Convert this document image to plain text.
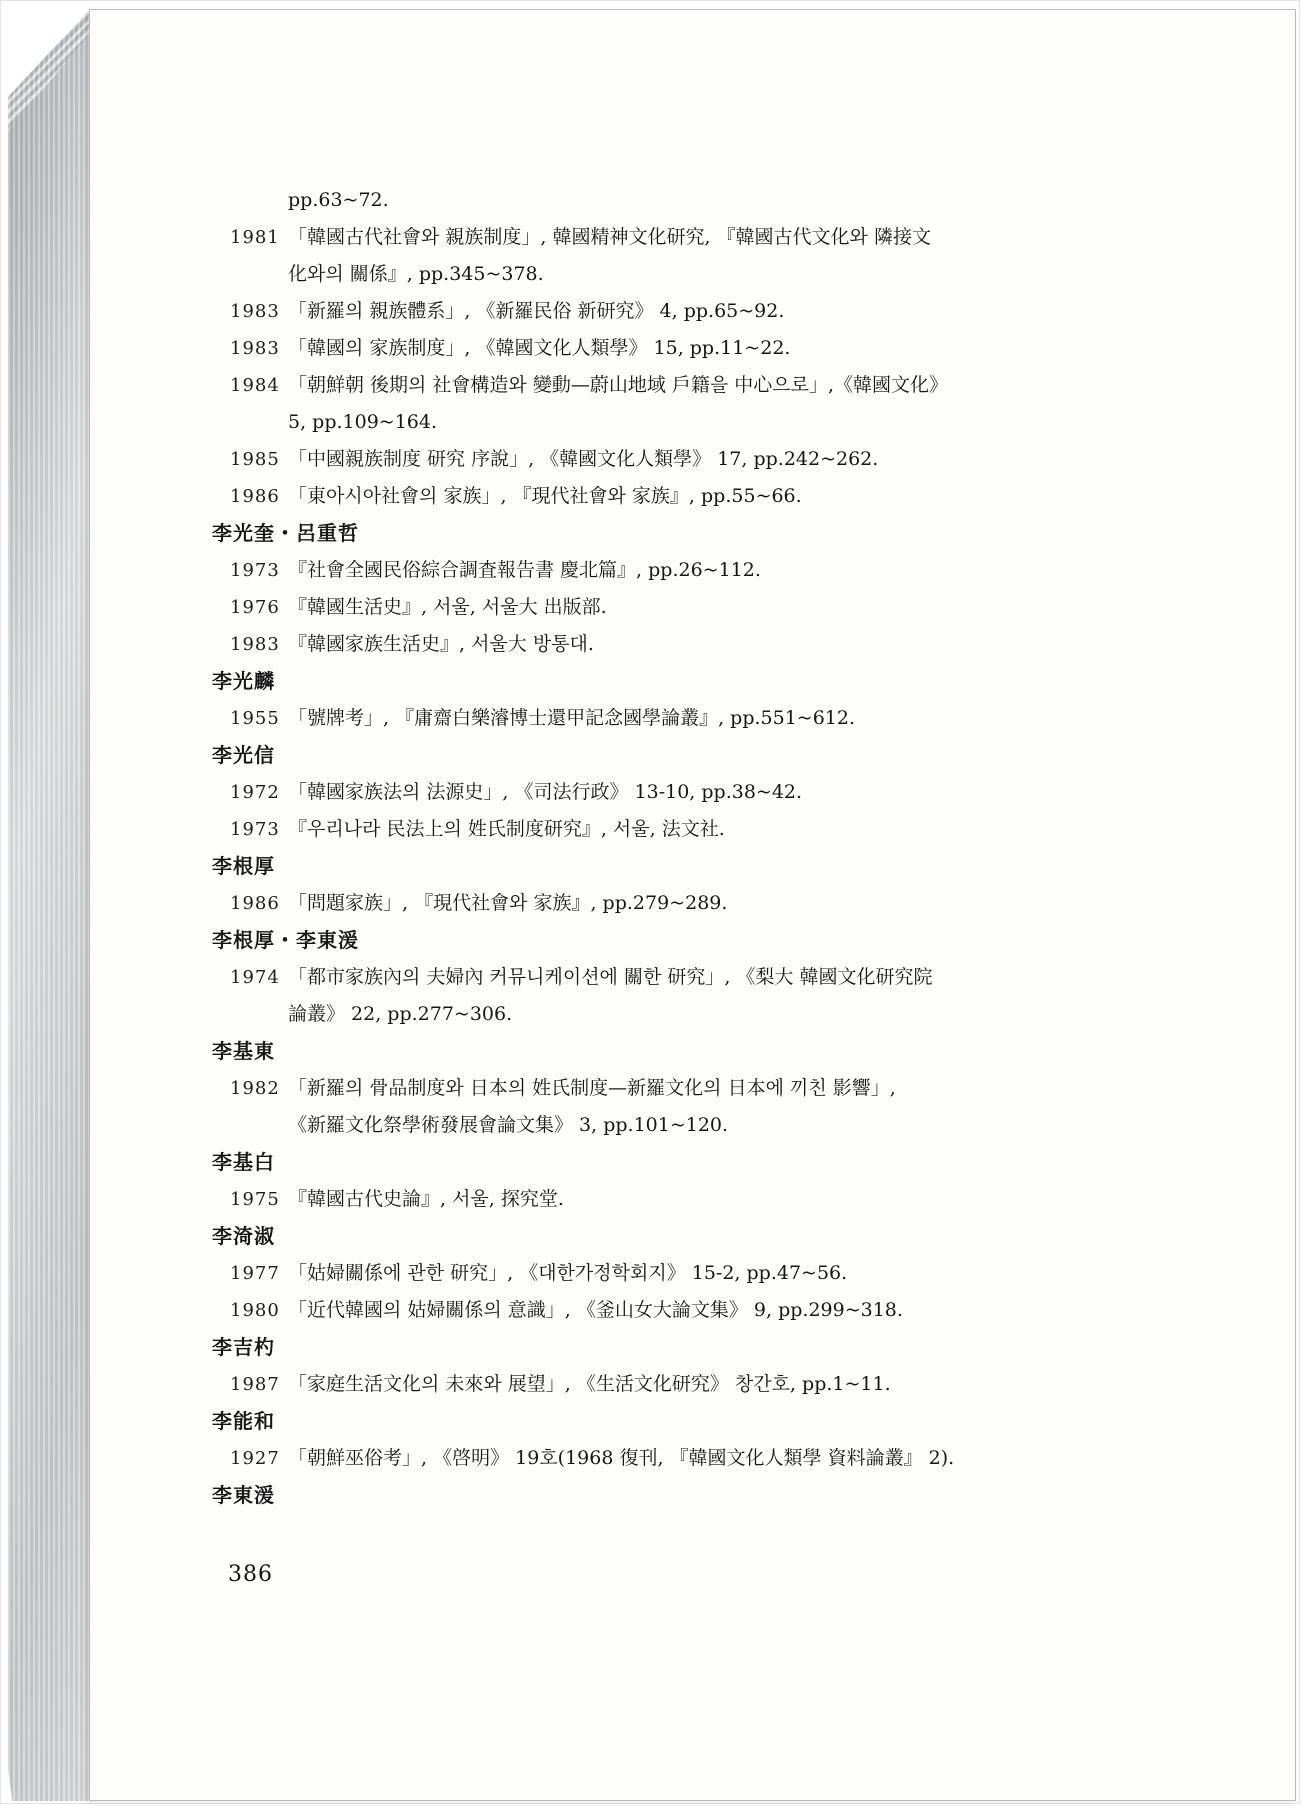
pp.63~72.
1981 「韓國古代社會와 親族制度」, 韓國精神文化研究, 『韓國古代文化와 隣接文
化와의 關係』, pp.345~378.
1983 「新羅의 親族體系」, 《新羅民俗 新研究》 4, pp.65~92.
1983 「韓國의 家族制度」, 《韓國文化人類學》 15, pp.11~22.
1984 「朝鮮朝 後期의 社會構造와 變動—蔚山地域 戶籍을 中心으로」,《韓國文化》
5, pp.109~164.
1985 「中國親族制度 研究 序說」, 《韓國文化人類學》 17, pp.242~262.
1986 「東아시아社會의 家族」, 『現代社會와 家族』, pp.55~66.
李光奎・呂重哲
1973 『社會全國民俗綜合調査報告書 慶北篇』, pp.26~112.
1976 『韓國生活史』, 서울, 서울大 出版部.
1983 『韓國家族生活史』, 서울大 방통대.
李光麟
1955 「號牌考」, 『庸齋白樂濬博士還甲記念國學論叢』, pp.551~612.
李光信
1972 「韓國家族法의 法源史」, 《司法行政》 13-10, pp.38~42.
1973 『우리나라 民法上의 姓氏制度研究』, 서울, 法文社.
李根厚
1986 「問題家族」, 『現代社會와 家族』, pp.279~289.
李根厚・李東湲
1974 「都市家族內의 夫婦內 커뮤니케이션에 關한 研究」, 《梨大 韓國文化研究院
論叢》 22, pp.277~306.
李基東
1982 「新羅의 骨品制度와 日本의 姓氏制度—新羅文化의 日本에 끼친 影響」,
《新羅文化祭學術發展會論文集》 3, pp.101~120.
李基白
1975 『韓國古代史論』, 서울, 探究堂.
李渏淑
1977 「姑婦關係에 관한 研究」, 《대한가정학회지》 15-2, pp.47~56.
1980 「近代韓國의 姑婦關係의 意識」, 《釜山女大論文集》 9, pp.299~318.
李吉杓
1987 「家庭生活文化의 未來와 展望」, 《生活文化研究》 창간호, pp.1~11.
李能和
1927 「朝鮮巫俗考」, 《啓明》 19호(1968 復刊, 『韓國文化人類學 資料論叢』 2).
李東湲
386
